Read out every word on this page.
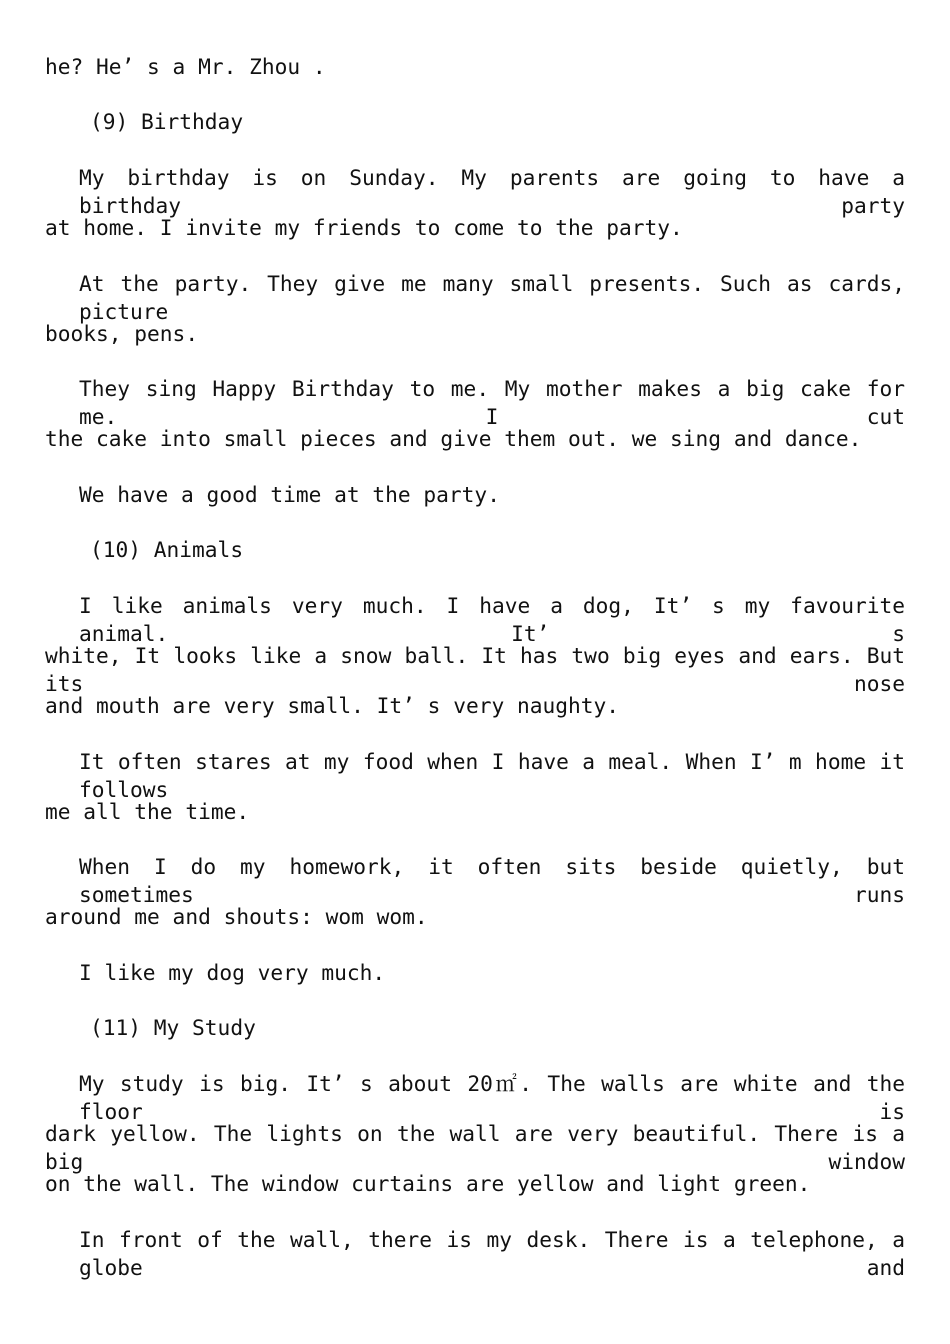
he? He’ s a Mr. Zhou .
(9) Birthday
My birthday is on Sunday. My parents are going to have a birthday party
at home. I invite my friends to come to the party.
At the party. They give me many small presents. Such as cards, picture
books, pens.
They sing Happy Birthday to me. My mother makes a big cake for me. I cut
the cake into small pieces and give them out. we sing and dance.
We have a good time at the party.
(10) Animals
I like animals very much. I have a dog, It’ s my favourite animal. It’ s
white, It looks like a snow ball. It has two big eyes and ears. But its nose
and mouth are very small. It’ s very naughty.
It often stares at my food when I have a meal. When I’ m home it follows
me all the time.
When I do my homework, it often sits beside quietly, but sometimes runs
around me and shouts: wom wom.
I like my dog very much.
(11) My Study
My study is big. It’ s about 20㎡. The walls are white and the floor is
dark yellow. The lights on the wall are very beautiful. There is a big window
on the wall. The window curtains are yellow and light green.
In front of the wall, there is my desk. There is a telephone, a globe and
